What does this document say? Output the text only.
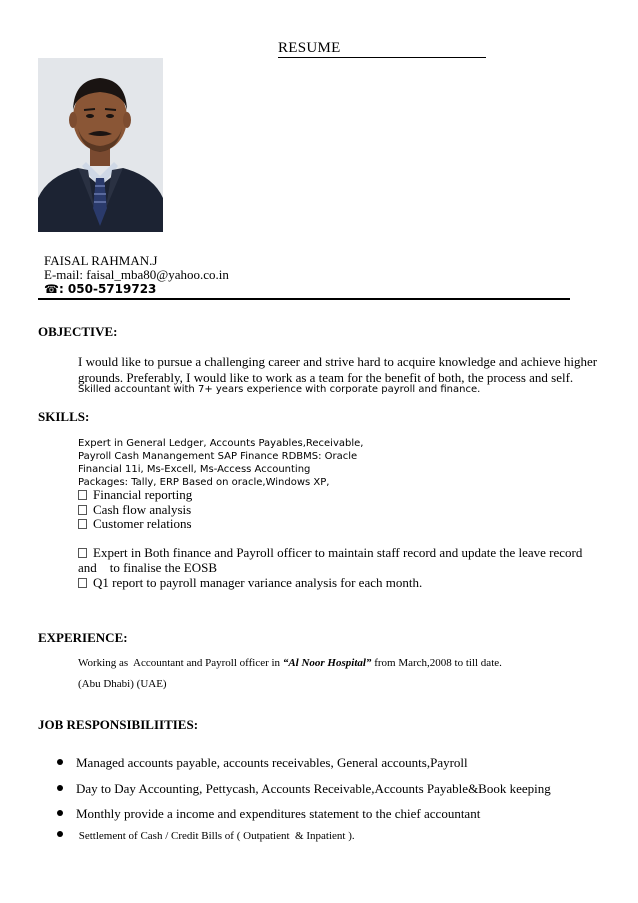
RESUME
FAISAL RAHMAN.J
E-mail: faisal_mba80@yahoo.co.in
☎: 050-5719723
OBJECTIVE:
I would like to pursue a challenging career and strive hard to acquire knowledge and achieve higher
grounds. Preferably, I would like to work as a team for the benefit of both, the process and self.
Skilled accountant with 7+ years experience with corporate payroll and finance.
SKILLS:
Expert in General Ledger, Accounts Payables,Receivable,
Payroll Cash Manangement SAP Finance RDBMS: Oracle
Financial 11i, Ms-Excell, Ms-Access Accounting
Packages: Tally, ERP Based on oracle,Windows XP,
Financial reporting
Cash flow analysis
Customer relations
Expert in Both finance and Payroll officer to maintain staff record and update the leave record
and    to finalise the EOSB
Q1 report to payroll manager variance analysis for each month.
EXPERIENCE:
Working as  Accountant and Payroll officer in “Al Noor Hospital” from March,2008 to till date.
(Abu Dhabi) (UAE)
JOB RESPONSIBILIITIES:
Managed accounts payable, accounts receivables, General accounts,Payroll
Day to Day Accounting, Pettycash, Accounts Receivable,Accounts Payable&Book keeping
Monthly provide a income and expenditures statement to the chief accountant
Settlement of Cash / Credit Bills of ( Outpatient  & Inpatient ).
